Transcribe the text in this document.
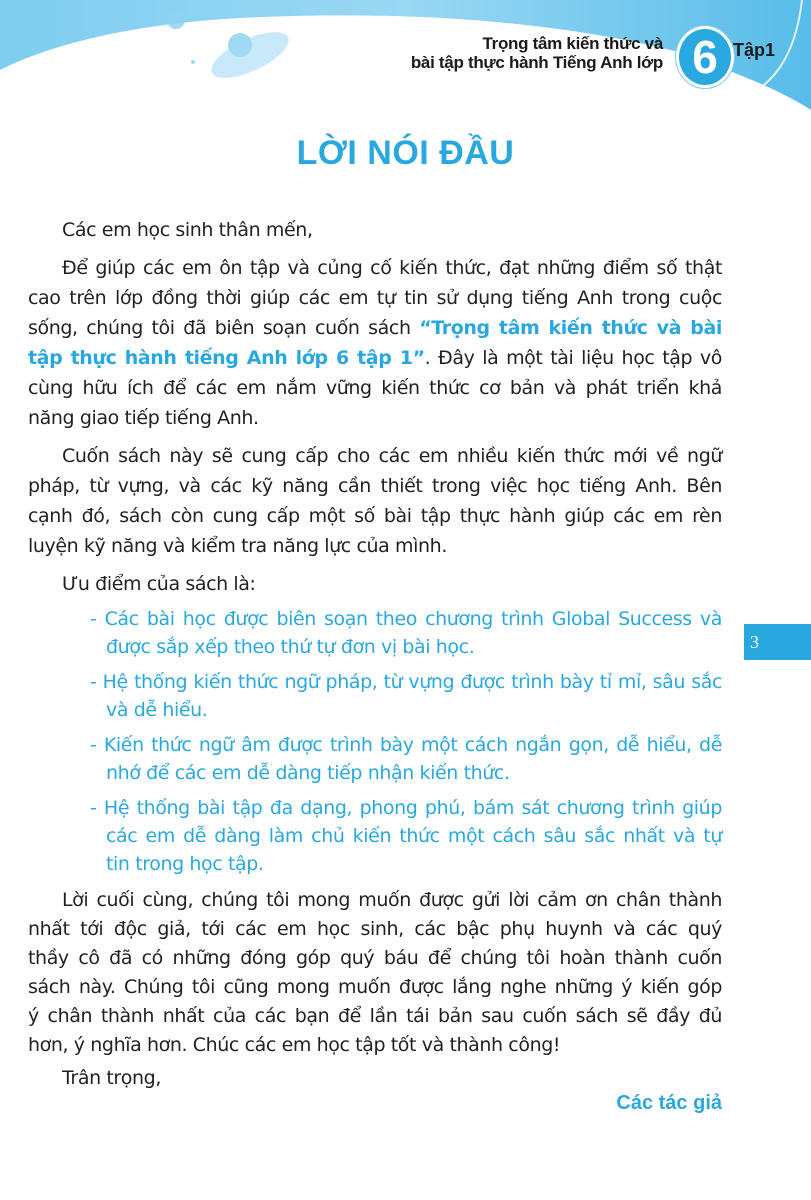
Trọng tâm kiến thức và
bài tập thực hành Tiếng Anh lớp 6 Tập1
LỜI NÓI ĐẦU
Các em học sinh thân mến,
Để giúp các em ôn tập và củng cố kiến thức, đạt những điểm số thật
cao trên lớp đồng thời giúp các em tự tin sử dụng tiếng Anh trong cuộc
sống, chúng tôi đã biên soạn cuốn sách “Trọng tâm kiến thức và bài
tập thực hành tiếng Anh lớp 6 tập 1”. Đây là một tài liệu học tập vô
cùng hữu ích để các em nắm vững kiến thức cơ bản và phát triển khả
năng giao tiếp tiếng Anh.
Cuốn sách này sẽ cung cấp cho các em nhiều kiến thức mới về ngữ
pháp, từ vựng, và các kỹ năng cần thiết trong việc học tiếng Anh. Bên
cạnh đó, sách còn cung cấp một số bài tập thực hành giúp các em rèn
luyện kỹ năng và kiểm tra năng lực của mình.
Ưu điểm của sách là:
- Các bài học được biên soạn theo chương trình Global Success và
được sắp xếp theo thứ tự đơn vị bài học.
- Hệ thống kiến thức ngữ pháp, từ vựng được trình bày tỉ mỉ, sâu sắc
và dễ hiểu.
- Kiến thức ngữ âm được trình bày một cách ngắn gọn, dễ hiểu, dễ
nhớ để các em dễ dàng tiếp nhận kiến thức.
- Hệ thống bài tập đa dạng, phong phú, bám sát chương trình giúp
các em dễ dàng làm chủ kiến thức một cách sâu sắc nhất và tự
tin trong học tập.
Lời cuối cùng, chúng tôi mong muốn được gửi lời cảm ơn chân thành
nhất tới độc giả, tới các em học sinh, các bậc phụ huynh và các quý
thầy cô đã có những đóng góp quý báu để chúng tôi hoàn thành cuốn
sách này. Chúng tôi cũng mong muốn được lắng nghe những ý kiến góp
ý chân thành nhất của các bạn để lần tái bản sau cuốn sách sẽ đầy đủ
hơn, ý nghĩa hơn. Chúc các em học tập tốt và thành công!
Trân trọng,
Các tác giả
3
